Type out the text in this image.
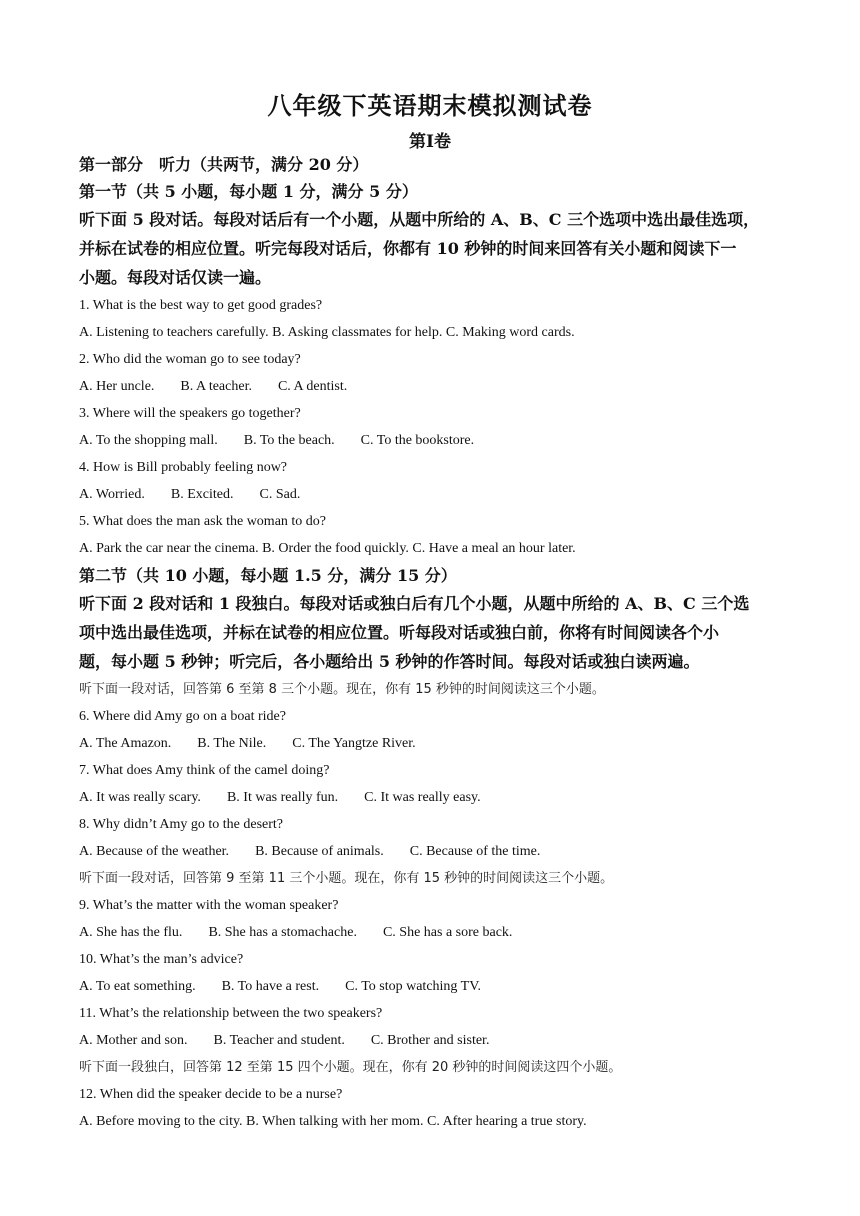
八年级下英语期末模拟测试卷
第Ⅰ卷
第一部分　听力（共两节，满分 20 分）
第一节（共 5 小题，每小题 1 分，满分 5 分）
听下面 5 段对话。每段对话后有一个小题，从题中所给的 A、B、C 三个选项中选出最佳选项，
并标在试卷的相应位置。听完每段对话后，你都有 10 秒钟的时间来回答有关小题和阅读下一
小题。每段对话仅读一遍。
1. What is the best way to get good grades?
A. Listening to teachers carefully. B. Asking classmates for help. C. Making word cards.
2. Who did the woman go to see today?
A. Her uncle. B. A teacher. C. A dentist.
3. Where will the speakers go together?
A. To the shopping mall. B. To the beach. C. To the bookstore.
4. How is Bill probably feeling now?
A. Worried. B. Excited. C. Sad.
5. What does the man ask the woman to do?
A. Park the car near the cinema. B. Order the food quickly. C. Have a meal an hour later.
第二节（共 10 小题，每小题 1.5 分，满分 15 分）
听下面 2 段对话和 1 段独白。每段对话或独白后有几个小题，从题中所给的 A、B、C 三个选
项中选出最佳选项，并标在试卷的相应位置。听每段对话或独白前，你将有时间阅读各个小
题，每小题 5 秒钟；听完后，各小题给出 5 秒钟的作答时间。每段对话或独白读两遍。
听下面一段对话，回答第 6 至第 8 三个小题。现在，你有 15 秒钟的时间阅读这三个小题。
6. Where did Amy go on a boat ride?
A. The Amazon. B. The Nile. C. The Yangtze River.
7. What does Amy think of the camel doing?
A. It was really scary. B. It was really fun. C. It was really easy.
8. Why didn’t Amy go to the desert?
A. Because of the weather. B. Because of animals. C. Because of the time.
听下面一段对话，回答第 9 至第 11 三个小题。现在，你有 15 秒钟的时间阅读这三个小题。
9. What’s the matter with the woman speaker?
A. She has the flu. B. She has a stomachache. C. She has a sore back.
10. What’s the man’s advice?
A. To eat something. B. To have a rest. C. To stop watching TV.
11. What’s the relationship between the two speakers?
A. Mother and son. B. Teacher and student. C. Brother and sister.
听下面一段独白，回答第 12 至第 15 四个小题。现在，你有 20 秒钟的时间阅读这四个小题。
12. When did the speaker decide to be a nurse?
A. Before moving to the city. B. When talking with her mom. C. After hearing a true story.
